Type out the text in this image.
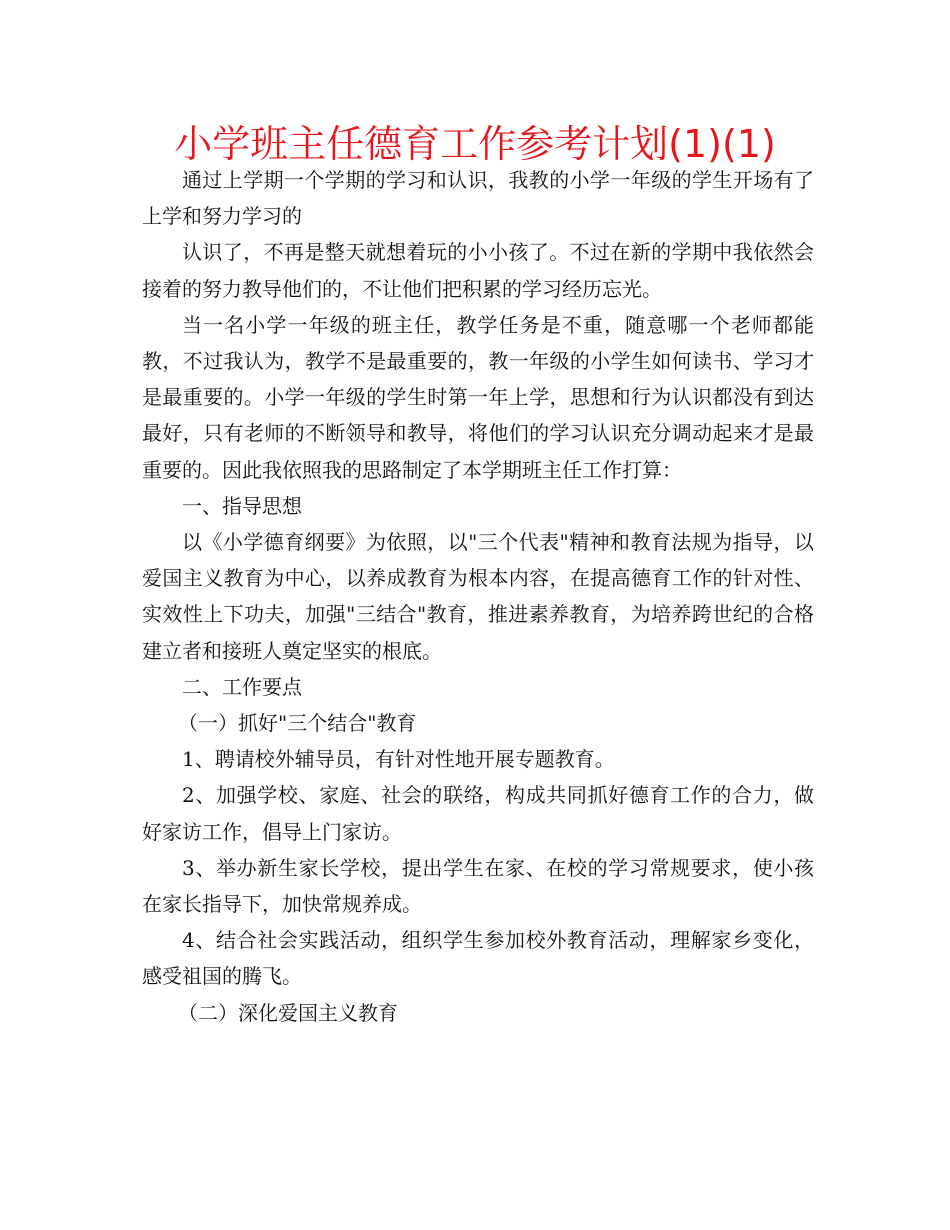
小学班主任德育工作参考计划(1)(1)

通过上学期一个学期的学习和认识，我教的小学一年级的学生开场有了上学和努力学习的

认识了，不再是整天就想着玩的小小孩了。不过在新的学期中我依然会接着的努力教导他们的，不让他们把积累的学习经历忘光。

当一名小学一年级的班主任，教学任务是不重，随意哪一个老师都能教，不过我认为，教学不是最重要的，教一年级的小学生如何读书、学习才是最重要的。小学一年级的学生时第一年上学，思想和行为认识都没有到达最好，只有老师的不断领导和教导，将他们的学习认识充分调动起来才是最重要的。因此我依照我的思路制定了本学期班主任工作打算：

一、指导思想

以《小学德育纲要》为依照，以"三个代表"精神和教育法规为指导，以爱国主义教育为中心，以养成教育为根本内容，在提高德育工作的针对性、实效性上下功夫，加强"三结合"教育，推进素养教育，为培养跨世纪的合格建立者和接班人奠定坚实的根底。

二、工作要点

（一）抓好"三个结合"教育

1、聘请校外辅导员，有针对性地开展专题教育。

2、加强学校、家庭、社会的联络，构成共同抓好德育工作的合力，做好家访工作，倡导上门家访。

3、举办新生家长学校，提出学生在家、在校的学习常规要求，使小孩在家长指导下，加快常规养成。

4、结合社会实践活动，组织学生参加校外教育活动，理解家乡变化，感受祖国的腾飞。

（二）深化爱国主义教育
